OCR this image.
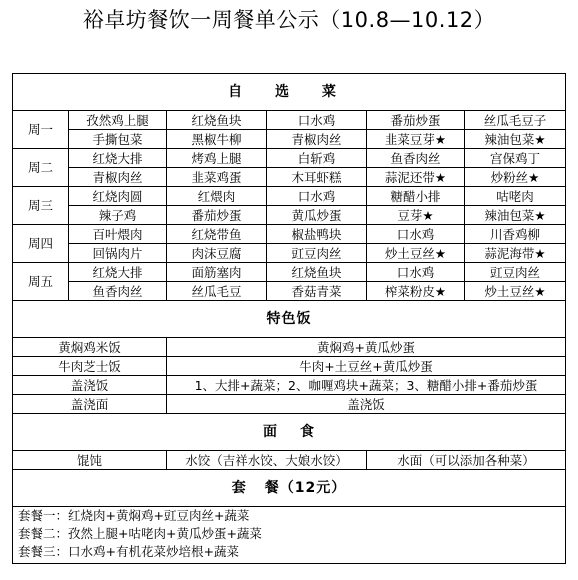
裕卓坊餐饮一周餐单公示（10.8—10.12）
自 选 菜					
周一	孜然鸡上腿	红烧鱼块	口水鸡	番茄炒蛋	丝瓜毛豆子
	手撕包菜	黑椒牛柳	青椒肉丝	韭菜豆芽★	辣油包菜★
周二	红烧大排	烤鸡上腿	白斩鸡	鱼香肉丝	宫保鸡丁
	青椒肉丝	韭菜鸡蛋	木耳虾糕	蒜泥还带★	炒粉丝★
周三	红烧肉圆	红煨肉	口水鸡	糖醋小排	咕咾肉
	辣子鸡	番茄炒蛋	黄瓜炒蛋	豆芽★	辣油包菜★
周四	百叶煨肉	红烧带鱼	椒盐鸭块	口水鸡	川香鸡柳
	回锅肉片	肉沫豆腐	豇豆肉丝	炒土豆丝★	蒜泥海带★
周五	红烧大排	面筋塞肉	红烧鱼块	口水鸡	豇豆肉丝
	鱼香肉丝	丝瓜毛豆	香菇青菜	榨菜粉皮★	炒土豆丝★
特色饭					
黄焖鸡米饭		黄焖鸡+黄瓜炒蛋			
牛肉芝士饭		牛肉+土豆丝+黄瓜炒蛋			
盖浇饭		1、大排+蔬菜；2、咖喱鸡块+蔬菜；3、糖醋小排+番茄炒蛋			
盖浇面		盖浇饭			
面 食					
馄饨		水饺（吉祥水饺、大娘水饺）		水面（可以添加各种菜）	
套 餐（12元）					

套餐一：红烧肉+黄焖鸡+豇豆肉丝+蔬菜
套餐二：孜然上腿+咕咾肉+黄瓜炒蛋+蔬菜
套餐三：口水鸡+有机花菜炒培根+蔬菜					
